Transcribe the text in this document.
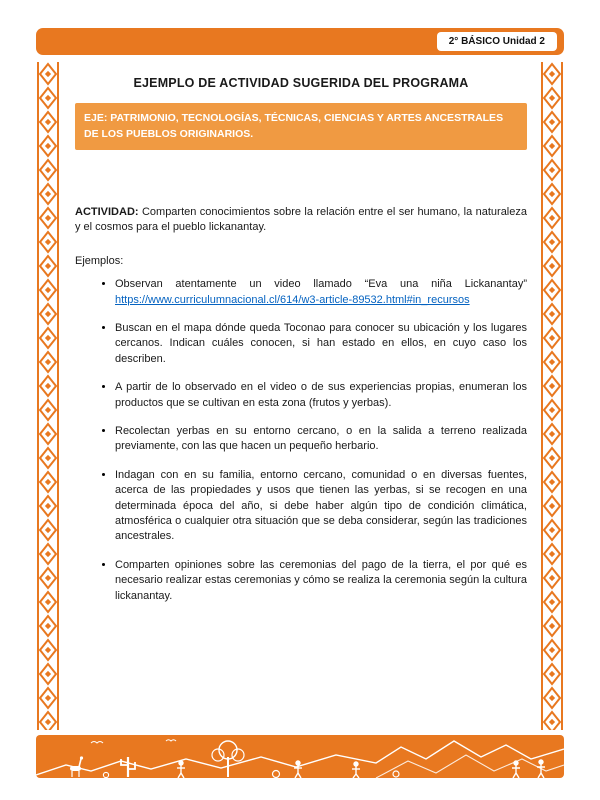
2° BÁSICO Unidad 2
EJEMPLO DE ACTIVIDAD SUGERIDA DEL PROGRAMA
EJE: PATRIMONIO, TECNOLOGÍAS, TÉCNICAS, CIENCIAS Y ARTES ANCESTRALES DE LOS PUEBLOS ORIGINARIOS.

ACTIVIDAD: Comparten conocimientos sobre la relación entre el ser humano, la naturaleza y el cosmos para el pueblo lickanantay.

Ejemplos:

• Observan atentamente un video llamado “Eva una niña Lickanantay”
https://www.curriculumnacional.cl/614/w3-article-89532.html#in_recursos
• Buscan en el mapa dónde queda Toconao para conocer su ubicación y los lugares cercanos. Indican cuáles conocen, si han estado en ellos, en cuyo caso los describen.
• A partir de lo observado en el video o de sus experiencias propias, enumeran los productos que se cultivan en esta zona (frutos y yerbas).
• Recolectan yerbas en su entorno cercano, o en la salida a terreno realizada previamente, con las que hacen un pequeño herbario.
• Indagan con en su familia, entorno cercano, comunidad o en diversas fuentes, acerca de las propiedades y usos que tienen las yerbas, si se recogen en una determinada época del año, si debe haber algún tipo de condición climática, atmosférica o cualquier otra situación que se deba considerar, según las tradiciones ancestrales.
• Comparten opiniones sobre las ceremonias del pago de la tierra, el por qué es necesario realizar estas ceremonias y cómo se realiza la ceremonia según la cultura lickanantay.
